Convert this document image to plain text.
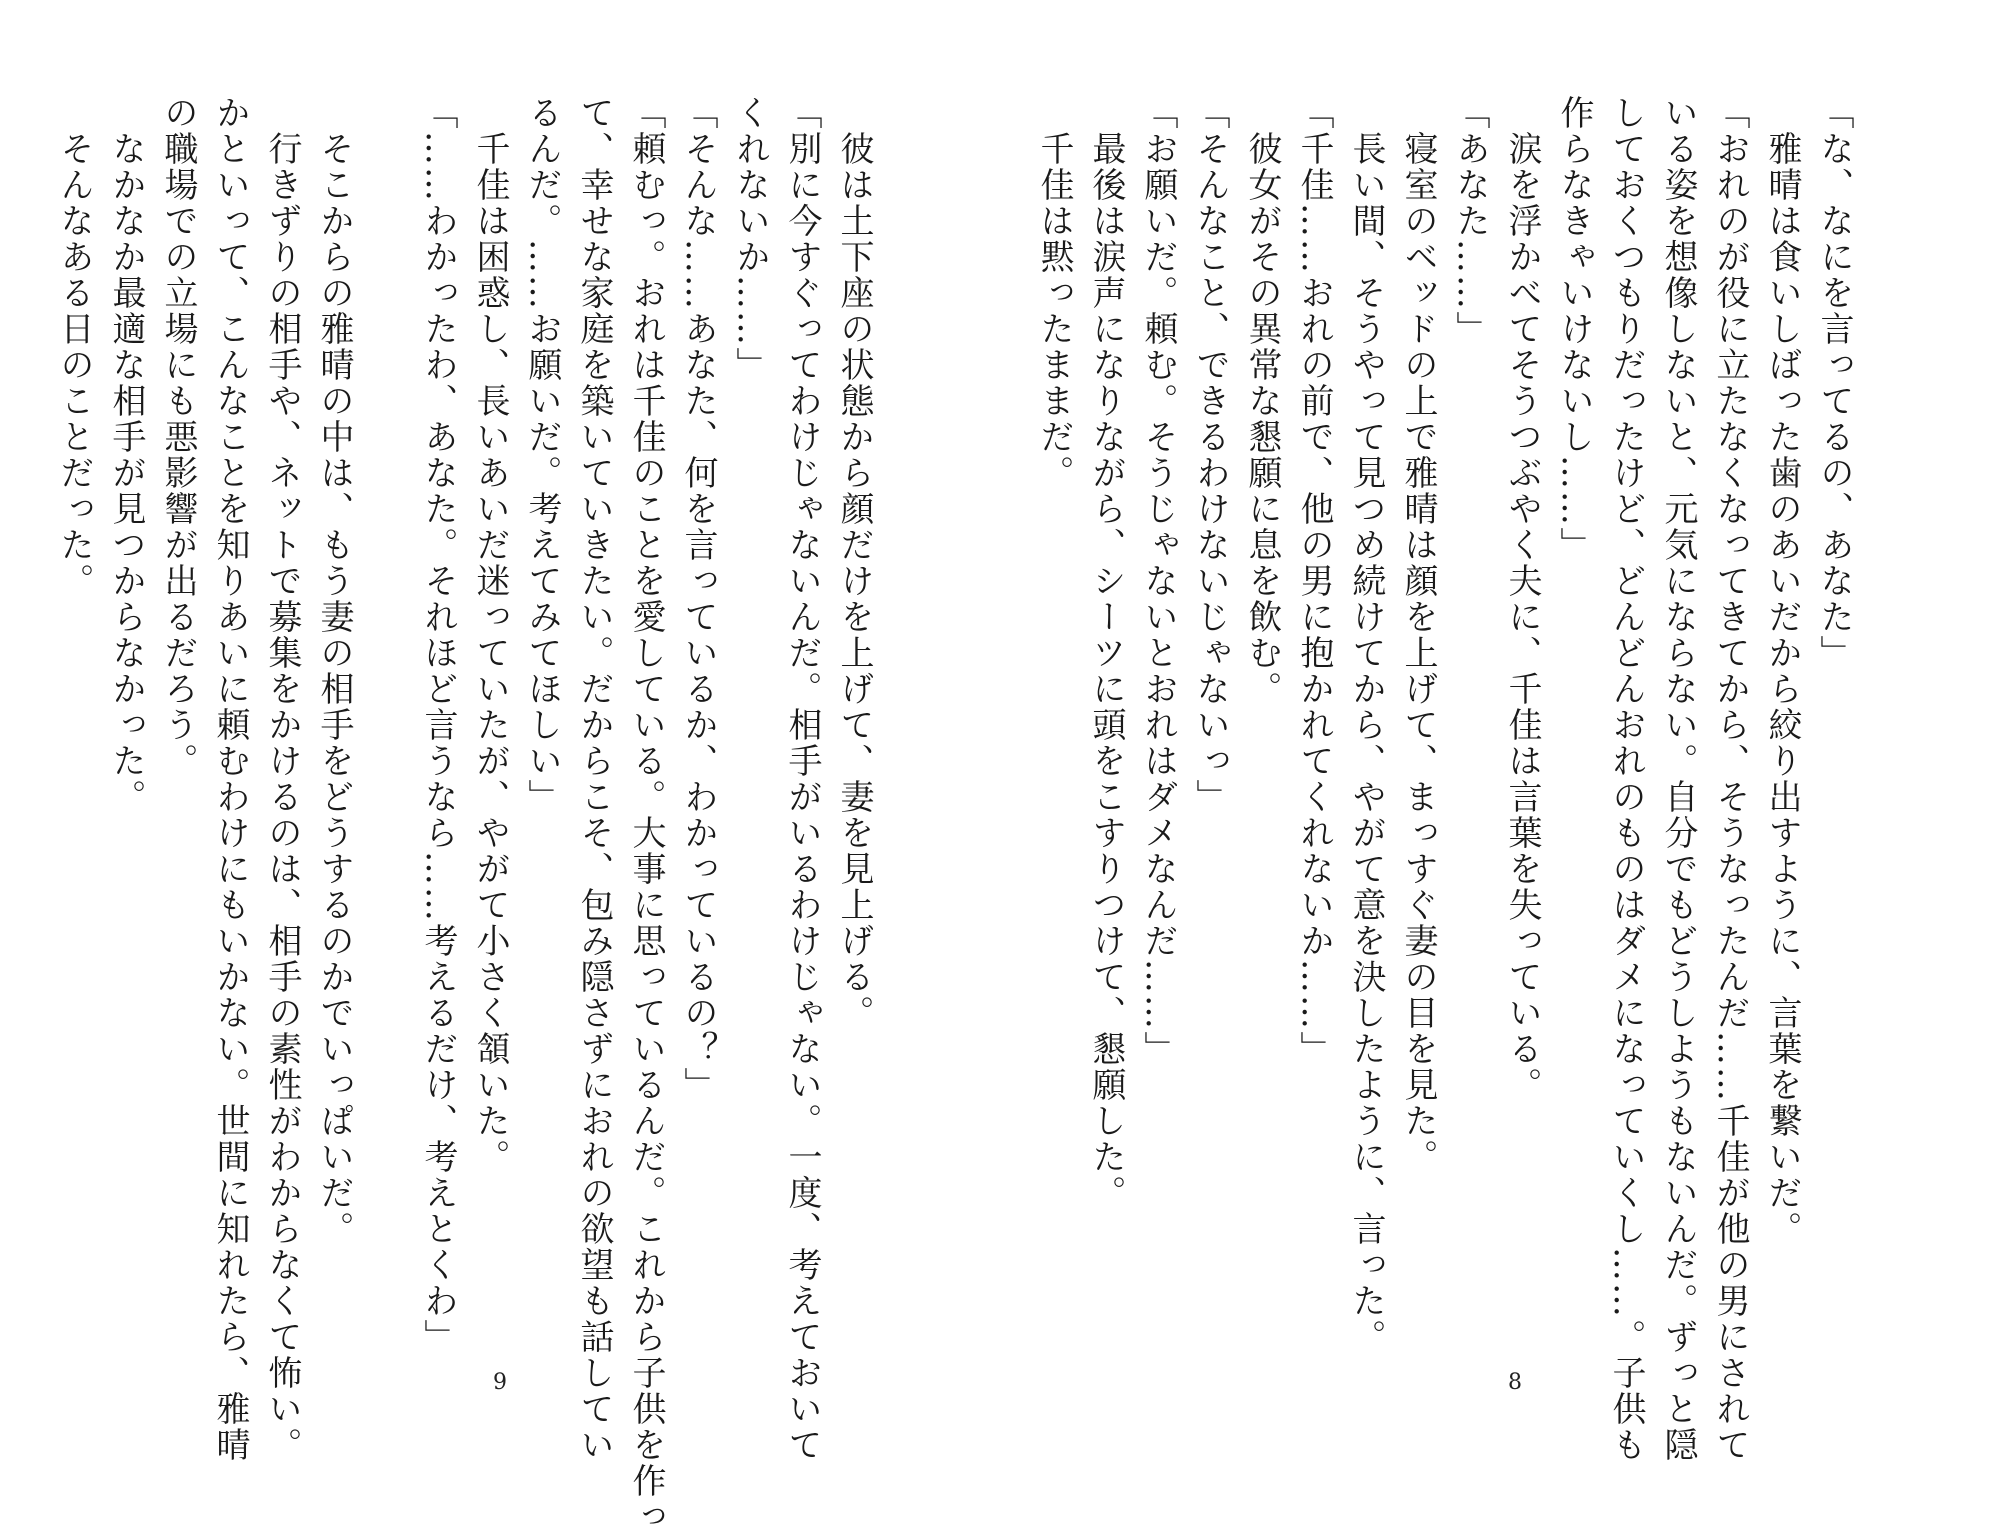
　彼は土下座の状態から顔だけを上げて、妻を見上げる。
「別に今すぐってわけじゃないんだ。相手がいるわけじゃない。一度、考えておいて
くれないか……」
「そんな……あなた、何を言っているか、わかっているの？」
「頼むっ。おれは千佳のことを愛している。大事に思っているんだ。これから子供を作っ
て、幸せな家庭を築いていきたい。だからこそ、包み隠さずにおれの欲望も話してい
るんだ。……お願いだ。考えてみてほしい」
　千佳は困惑し、長いあいだ迷っていたが、やがて小さく頷いた。
「……わかったわ、あなた。それほど言うなら……考えるだけ、考えとくわ」
　そこからの雅晴の中は、もう妻の相手をどうするのかでいっぱいだ。
　行きずりの相手や、ネットで募集をかけるのは、相手の素性がわからなくて怖い。
かといって、こんなことを知りあいに頼むわけにもいかない。世間に知れたら、雅晴
の職場での立場にも悪影響が出るだろう。
　なかなか最適な相手が見つからなかった。
　そんなある日のことだった。
9
「な、なにを言ってるの、あなた」
　雅晴は食いしばった歯のあいだから絞り出すように、言葉を繋いだ。
「おれのが役に立たなくなってきてから、そうなったんだ……千佳が他の男にされて
いる姿を想像しないと、元気にならない。自分でもどうしようもないんだ。ずっと隠
しておくつもりだったけど、どんどんおれのものはダメになっていくし……。子供も
作らなきゃいけないし……」
　涙を浮かべてそうつぶやく夫に、千佳は言葉を失っている。
「あなた……」
　寝室のベッドの上で雅晴は顔を上げて、まっすぐ妻の目を見た。
　長い間、そうやって見つめ続けてから、やがて意を決したように、言った。
「千佳……おれの前で、他の男に抱かれてくれないか……」
　彼女がその異常な懇願に息を飲む。
「そんなこと、できるわけないじゃないっ」
「お願いだ。頼む。そうじゃないとおれはダメなんだ……」
　最後は涙声になりながら、シーツに頭をこすりつけて、懇願した。
　千佳は黙ったままだ。
8
